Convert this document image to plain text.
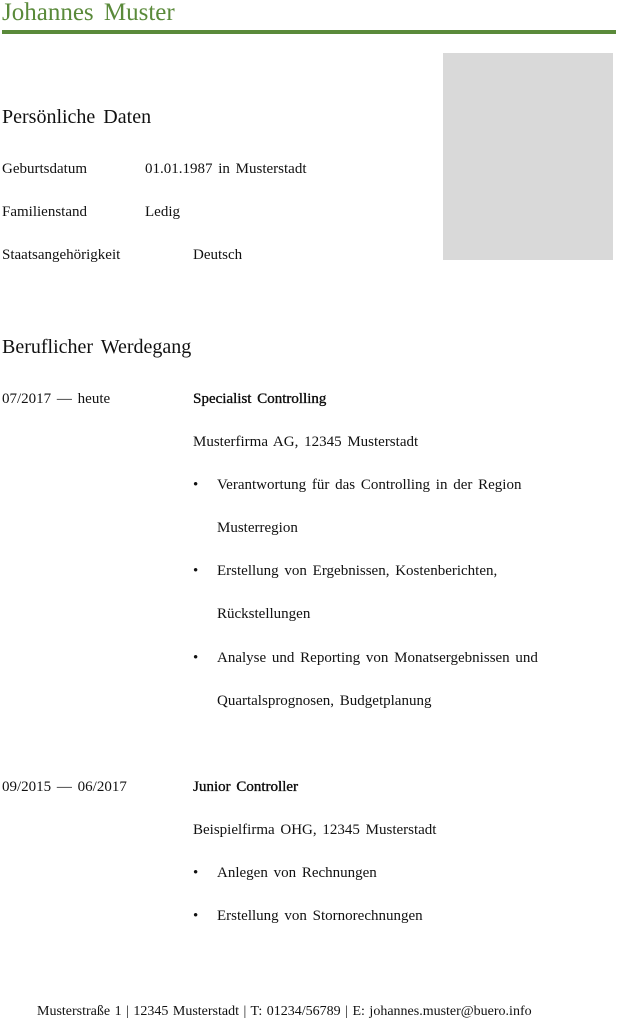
Johannes Muster
Persönliche Daten
Geburtsdatum	01.01.1987 in Musterstadt
Familienstand	Ledig
Staatsangehörigkeit	Deutsch
Beruflicher Werdegang
07/2017 — heute	Specialist Controlling
Musterfirma AG, 12345 Musterstadt
• Verantwortung für das Controlling in der Region
Musterregion
• Erstellung von Ergebnissen, Kostenberichten,
Rückstellungen
• Analyse und Reporting von Monatsergebnissen und
Quartalsprognosen, Budgetplanung
09/2015 — 06/2017	Junior Controller
Beispielfirma OHG, 12345 Musterstadt
• Anlegen von Rechnungen
• Erstellung von Stornorechnungen
Musterstraße 1 | 12345 Musterstadt | T: 01234/56789 | E: johannes.muster@buero.info
